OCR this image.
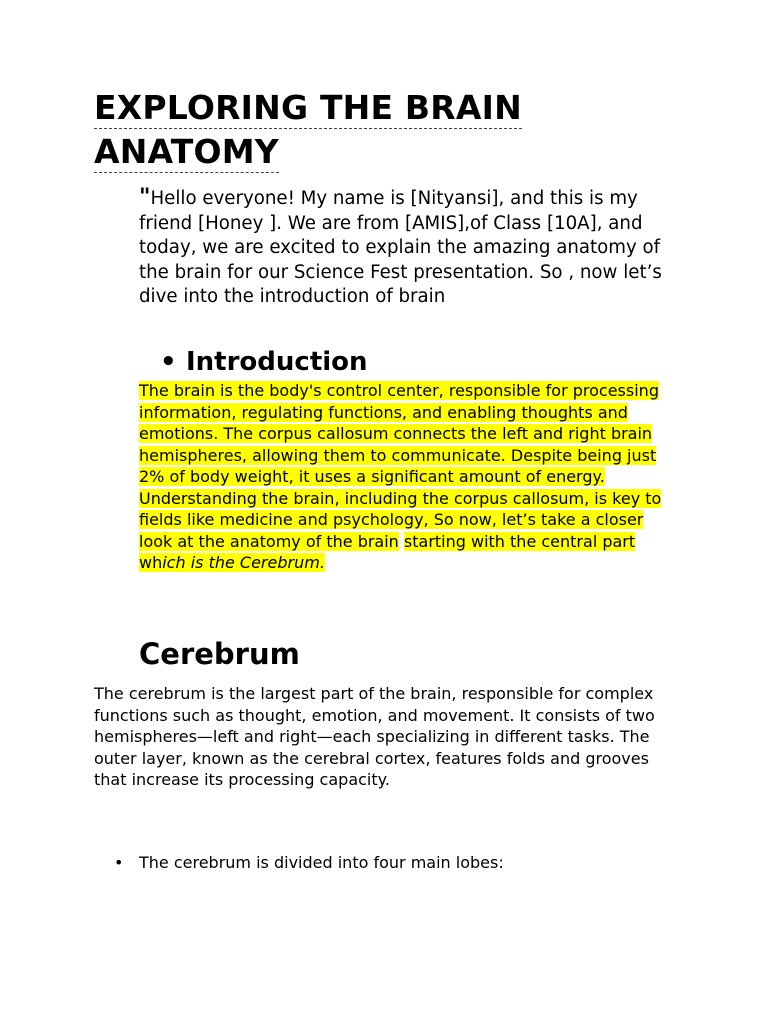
EXPLORING THE BRAIN
ANATOMY

"Hello everyone! My name is [Nityansi], and this is my friend [Honey ]. We are from [AMIS],of Class [10A], and today, we are excited to explain the amazing anatomy of the brain for our Science Fest presentation. So , now let’s dive into the introduction of brain

• Introduction

The brain is the body's control center, responsible for processing information, regulating functions, and enabling thoughts and emotions. The corpus callosum connects the left and right brain hemispheres, allowing them to communicate. Despite being just 2% of body weight, it uses a significant amount of energy. Understanding the brain, including the corpus callosum, is key to fields like medicine and psychology, So now, let’s take a closer look at the anatomy of the brain starting with the central part which is the Cerebrum.

Cerebrum

The cerebrum is the largest part of the brain, responsible for complex functions such as thought, emotion, and movement. It consists of two hemispheres—left and right—each specializing in different tasks. The outer layer, known as the cerebral cortex, features folds and grooves that increase its processing capacity.

• The cerebrum is divided into four main lobes:
